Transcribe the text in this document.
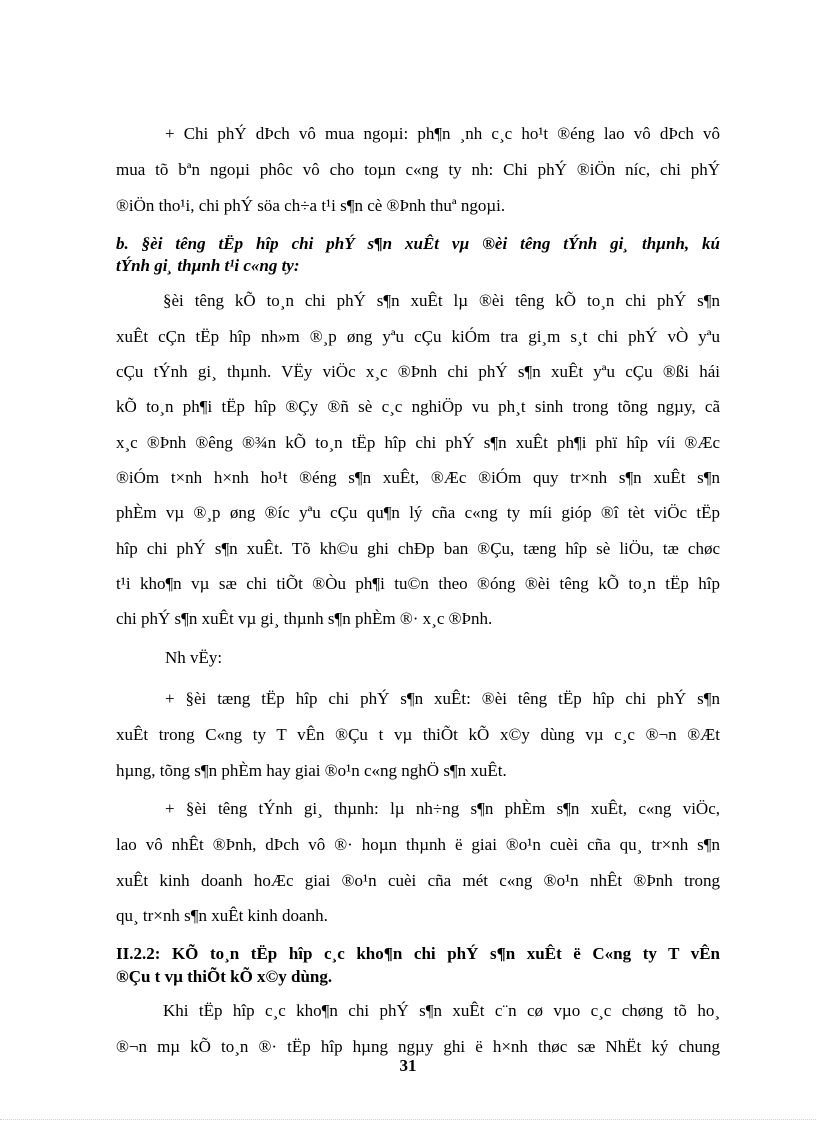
+ Chi phÝ dÞch vô mua ngoµi: ph¶n ¸nh c¸c ho¹t ®éng lao vô dÞch vô
mua tõ bªn ngoµi phôc vô cho toµn c«ng ty nh: Chi phÝ ®iÖn níc, chi phÝ
®iÖn tho¹i, chi phÝ söa ch÷a t¹i s¶n cè ®Þnh thuª ngoµi.
b. §èi têng tËp hîp chi phÝ s¶n xuÊt vµ ®èi têng tÝnh gi¸ thµnh, kú
tÝnh gi¸ thµnh t¹i c«ng ty:
§èi têng kÕ to¸n chi phÝ s¶n xuÊt lµ ®èi têng kÕ to¸n chi phÝ s¶n
xuÊt cÇn tËp hîp nh»m ®¸p øng yªu cÇu kiÓm tra gi¸m s¸t chi phÝ vÒ yªu
cÇu tÝnh gi¸ thµnh. VËy viÖc x¸c ®Þnh chi phÝ s¶n xuÊt yªu cÇu ®ßi hái
kÕ to¸n ph¶i tËp hîp ®Çy ®ñ sè c¸c nghiÖp vu ph¸t sinh trong tõng ngµy, cã
x¸c ®Þnh ®êng ®¾n kÕ to¸n tËp hîp chi phÝ s¶n xuÊt ph¶i phï hîp víi ®Æc
®iÓm t×nh h×nh ho¹t ®éng s¶n xuÊt, ®Æc ®iÓm quy tr×nh s¶n xuÊt s¶n
phÈm vµ ®¸p øng ®íc yªu cÇu qu¶n lý cña c«ng ty míi gióp ®î tèt viÖc tËp
hîp chi phÝ s¶n xuÊt. Tõ kh©u ghi chÐp ban ®Çu, tæng hîp sè liÖu, tæ chøc
t¹i kho¶n vµ sæ chi tiÕt ®Òu ph¶i tu©n theo ®óng ®èi têng kÕ to¸n tËp hîp
chi phÝ s¶n xuÊt vµ gi¸ thµnh s¶n phÈm ®· x¸c ®Þnh.
Nh vËy:
+ §èi tæng tËp hîp chi phÝ s¶n xuÊt: ®èi têng tËp hîp chi phÝ s¶n
xuÊt trong C«ng ty T vÊn ®Çu t vµ thiÕt kÕ x©y dùng vµ c¸c ®¬n ®Æt
hµng, tõng s¶n phÈm hay giai ®o¹n c«ng nghÖ s¶n xuÊt.
+ §èi têng tÝnh gi¸ thµnh: lµ nh÷ng s¶n phÈm s¶n xuÊt, c«ng viÖc,
lao vô nhÊt ®Þnh, dÞch vô ®· hoµn thµnh ë giai ®o¹n cuèi cña qu¸ tr×nh s¶n
xuÊt kinh doanh hoÆc giai ®o¹n cuèi cña mét c«ng ®o¹n nhÊt ®Þnh trong
qu¸ tr×nh s¶n xuÊt kinh doanh.
II.2.2: KÕ to¸n tËp hîp c¸c kho¶n chi phÝ s¶n xuÊt ë C«ng ty T vÊn
®Çu t vµ thiÕt kÕ x©y dùng.
Khi tËp hîp c¸c kho¶n chi phÝ s¶n xuÊt c¨n cø vµo c¸c chøng tõ ho¸
®¬n mµ kÕ to¸n ®· tËp hîp hµng ngµy ghi ë h×nh thøc sæ NhËt ký chung
31
